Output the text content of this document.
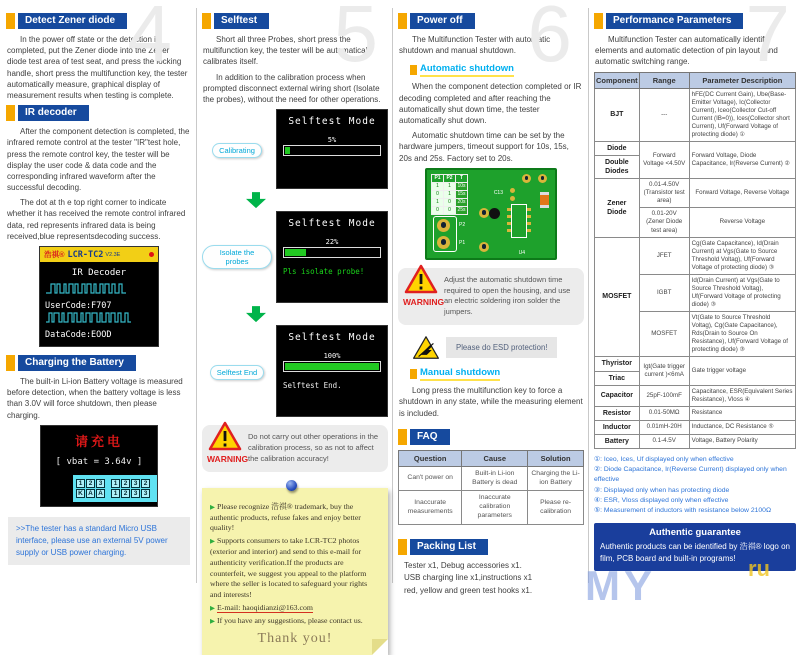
4
Detect Zener diode

In the power off state or the detection is completed, put the Zener diode into the Zener diode test area of test seat, and press the locking handle, short press the multifunction key, the tester automatically measure, graphical display of measurement results when testing is complete.

IR decoder

After the component detection is completed, the infrared remote control at the tester "IR"test hole, press the remote control key, the tester will be display the user code & data code and the corresponding infrared waveform after the successful decoding.

The dot at th e top right corner to indicate whether it has received the remote control infrared data, red represents infrared data is being received,blue representsdecoding success.

浩祺® LCR-TC2 V2.3E
IR Decoder
UserCode:F707
DataCode:EOOD
Charging the Battery

The built-in Li-ion Battery voltage is measured before detection, when the battery voltage is less than 3.0V will force shutdown, then please charging.

请充电
[ vbat = 3.64v ]
1 2 3	1 2 3 2
K A A	1 2 3 3
>>The tester has a standard Micro USB interface, please use an external 5V power supply or USB power charging.
5
Selftest

Short all three Probes, short press the multifunction key, the tester will be automatically calibrates itself.

In addition to the calibration process when prompted disconnect external wiring short (Isolate the probes), without the need for other operations.

Calibrating
Selftest Mode
5%
Isolate the probes
Selftest Mode
22%
Pls isolate probe!
Selftest End
Selftest Mode
100%
Selftest End.
WARNING
Do not carry out other operations in the calibration process, so as not to affect the calibration accuracy!
▶ Please recognize 浩祺® trademark, buy the authentic products, refuse fakes and enjoy better quality!
▶ Supports consumers to take LCR-TC2 photos (exterior and interior) and send to this e-mail for authenticity verification.If the products are counterfeit, we suggest you appeal to the platform where the seller is located to safeguard your rights and interests!
▶ E-mail: haoqidianzi@163.com
▶ If you have any suggestions, please contact us.
Thank you!
6
Power off

The Multifunction Tester with automatic shutdown and manual shutdown.

Automatic shutdown

When the component detection completed or IR decoding completed and after reaching the automatically shut down time, the tester automatically shut down.

Automatic shutdown time can be set by the hardware jumpers, timeout support for 10s, 15s, 20s and 25s. Factory set to 20s.

P1	P2	T
1	1	10s
0	1	15s
1	0	20s
0	0	25s
C13
U4
P2
P1
WARNING
Adjust the automatic shutdown time required to open the housing, and use an electric soldering iron solder the jumpers.
Please do ESD protection!
Manual shutdown

Long press the multifunction key to force a shutdown in any state, while the measuring element is included.

FAQ
Question	Cause	Solution
Can't power on	Built-in Li-ion Battery is dead	Charging the Li-ion Battery
Inaccurate measurements	Inaccurate calibration parameters	Please re-calibration
Packing List
Tester x1, Debug accessories x1.
USB charging line x1,instructions x1
red, yellow and green test hooks x1.
7
Performance Parameters

Multifunction Tester can automatically identify elements and automatic detection of pin layout, and automatic switching range.

Component	Range	Parameter Description
BJT	---	hFE(DC Current Gain), Ube(Base-Emitter Voltage), Ic(Collector Current), Iceo(Collector Cut-off Current (IB=0)), Ices(Collector short Current), Uf(Forward Voltage of protecting diode) ①
Diode	Forward Voltage <4.50V	Forward Voltage, Diode Capacitance, Ir(Reverse Current) ②
Double Diodes		
Zener Diode	0.01-4.50V (Transistor test area)	Forward Voltage, Reverse Voltage
	0.01-20V (Zener Diode test area)	Reverse Voltage
MOSFET	JFET	Cg(Gate Capacitance), Id(Drain Current) at Vgs(Gate to Source Threshold Voltag), Uf(Forward Voltage of protecting diode) ③
	IGBT	Id(Drain Current) at Vgs(Gate to Source Threshold Voltag), Uf(Forward Voltage of protecting diode) ③
	MOSFET	Vt(Gate to Source Threshold Voltag), Cg(Gate Capacitance), Rds(Drain to Source On Resistance), Uf(Forward Voltage of protecting diode) ③
Thyristor	Igt(Gate trigger current )<6mA	Gate trigger voltage
Triac		
Capacitor	25pF-100mF	Capacitance, ESR(Equivalent Series Resistance), Vloss ④
Resistor	0.01-50MΩ	Resistance
Inductor	0.01mH-20H	Inductance, DC Resistance ⑤
Battery	0.1-4.5V	Voltage, Battery Polarity
①: Iceo, Ices, Uf displayed only when effective
②: Diode Capacitance, Ir(Reverse Current) displayed only when effective
③: Displayed only when has protecting diode
④: ESR, Vloss displayed only when effective
⑤: Measurement of inductors with resistance below 2100Ω
Authentic guarantee
Authentic products can be identified by 浩祺® logo on film, PCB board and built-in programs!
MY	ru
